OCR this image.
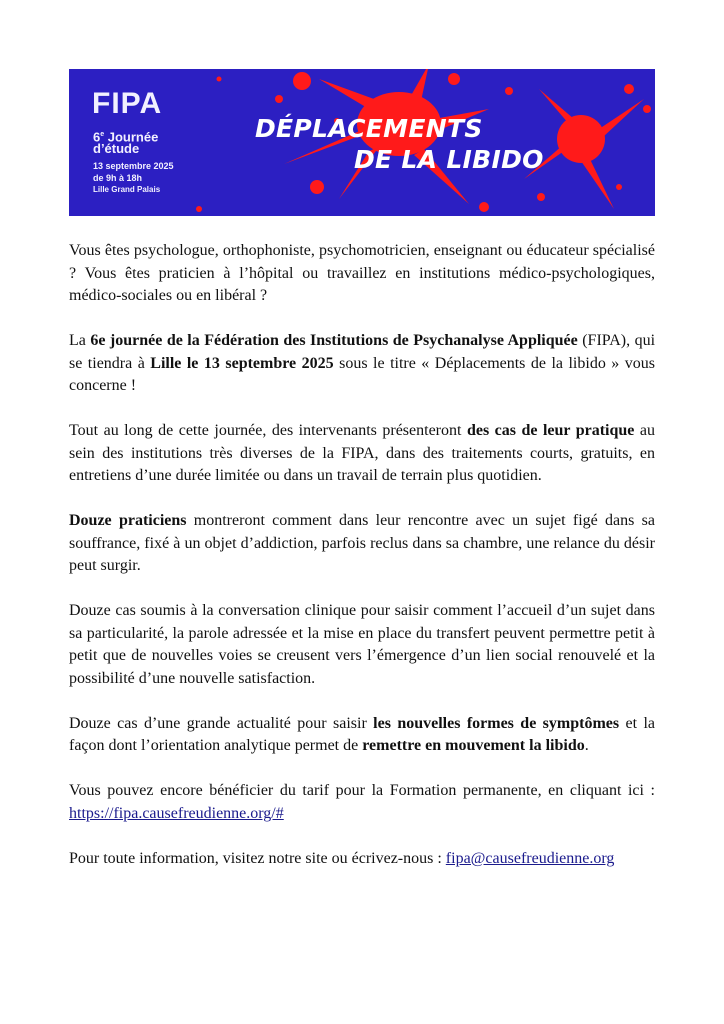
FIPA
6e Journée
d’étude
13 septembre 2025
de 9h à 18h
Lille Grand Palais
DÉPLACEMENTS
DE LA LIBIDO

Vous êtes psychologue, orthophoniste, psychomotricien, enseignant ou éducateur spécialisé ? Vous êtes praticien à l’hôpital ou travaillez en institutions médico-psychologiques, médico-sociales ou en libéral ?

La 6e journée de la Fédération des Institutions de Psychanalyse Appliquée (FIPA), qui se tiendra à Lille le 13 septembre 2025 sous le titre « Déplacements de la libido » vous concerne !

Tout au long de cette journée, des intervenants présenteront des cas de leur pratique au sein des institutions très diverses de la FIPA, dans des traitements courts, gratuits, en entretiens d’une durée limitée ou dans un travail de terrain plus quotidien.

Douze praticiens montreront comment dans leur rencontre avec un sujet figé dans sa souffrance, fixé à un objet d’addiction, parfois reclus dans sa chambre, une relance du désir peut surgir.

Douze cas soumis à la conversation clinique pour saisir comment l’accueil d’un sujet dans sa particularité, la parole adressée et la mise en place du transfert peuvent permettre petit à petit que de nouvelles voies se creusent vers l’émergence d’un lien social renouvelé et la possibilité d’une nouvelle satisfaction.

Douze cas d’une grande actualité pour saisir les nouvelles formes de symptômes et la façon dont l’orientation analytique permet de remettre en mouvement la libido.

Vous pouvez encore bénéficier du tarif pour la Formation permanente, en cliquant ici : https://fipa.causefreudienne.org/#

Pour toute information, visitez notre site ou écrivez-nous : fipa@causefreudienne.org
